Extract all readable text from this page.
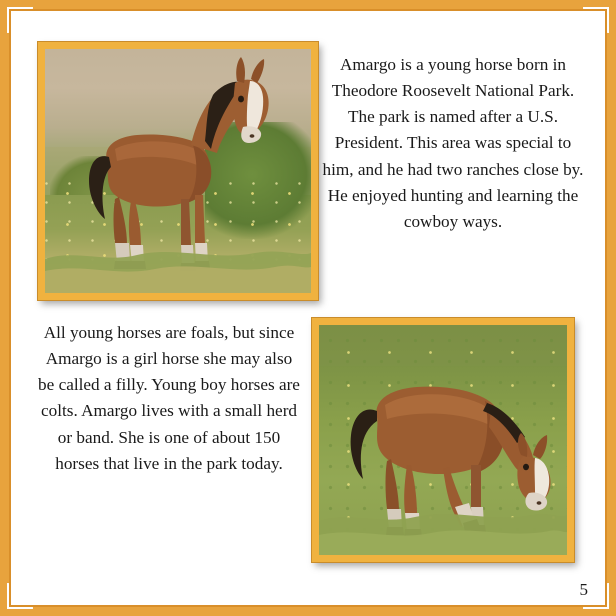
Amargo is a young horse born in Theodore Roosevelt National Park. The park is named after a U.S. President. This area was special to him, and he had two ranches close by. He enjoyed hunting and learning the cowboy ways.
All young horses are foals, but since Amargo is a girl horse she may also be called a filly. Young boy horses are colts. Amargo lives with a small herd or band. She is one of about 150 horses that live in the park today.
5
